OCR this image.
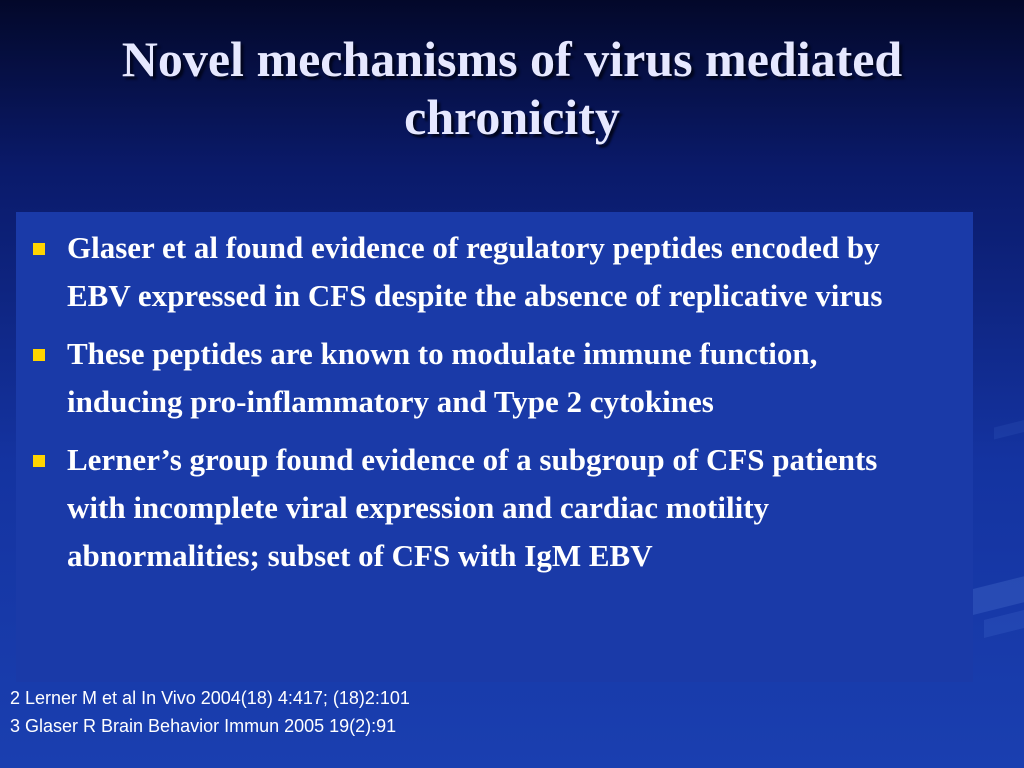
Novel mechanisms of virus mediated chronicity
Glaser et al found evidence of regulatory peptides encoded by EBV expressed in CFS despite the absence of replicative virus
These peptides are known to modulate immune function, inducing pro-inflammatory and Type 2 cytokines
Lerner’s group found evidence of a subgroup of CFS patients with incomplete viral expression and cardiac motility abnormalities; subset of CFS with IgM EBV
2 Lerner M et al In Vivo 2004(18) 4:417; (18)2:101
3 Glaser R Brain Behavior Immun 2005 19(2):91
